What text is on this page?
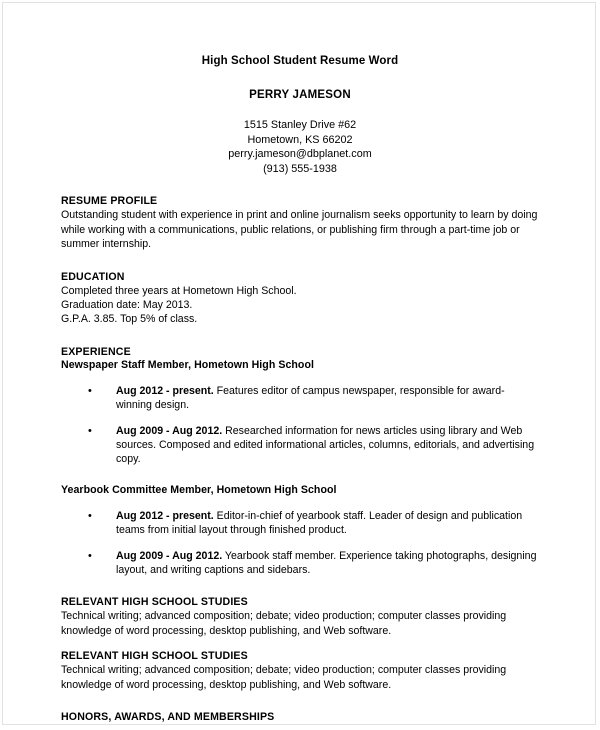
High School Student Resume Word
PERRY JAMESON
1515 Stanley Drive #62
Hometown, KS 66202
perry.jameson@dbplanet.com
(913) 555-1938
RESUME PROFILE
Outstanding student with experience in print and online journalism seeks opportunity to learn by doing while working with a communications, public relations, or publishing firm through a part-time job or summer internship.
EDUCATION
Completed three years at Hometown High School.
Graduation date: May 2013.
G.P.A. 3.85. Top 5% of class.
EXPERIENCE
Newspaper Staff Member, Hometown High School
• Aug 2012 - present. Features editor of campus newspaper, responsible for award-winning design.
• Aug 2009 - Aug 2012. Researched information for news articles using library and Web sources. Composed and edited informational articles, columns, editorials, and advertising copy.
Yearbook Committee Member, Hometown High School
• Aug 2012 - present. Editor-in-chief of yearbook staff. Leader of design and publication teams from initial layout through finished product.
• Aug 2009 - Aug 2012. Yearbook staff member. Experience taking photographs, designing layout, and writing captions and sidebars.
RELEVANT HIGH SCHOOL STUDIES
Technical writing; advanced composition; debate; video production; computer classes providing knowledge of word processing, desktop publishing, and Web software.
RELEVANT HIGH SCHOOL STUDIES
Technical writing; advanced composition; debate; video production; computer classes providing knowledge of word processing, desktop publishing, and Web software.
HONORS, AWARDS, AND MEMBERSHIPS
